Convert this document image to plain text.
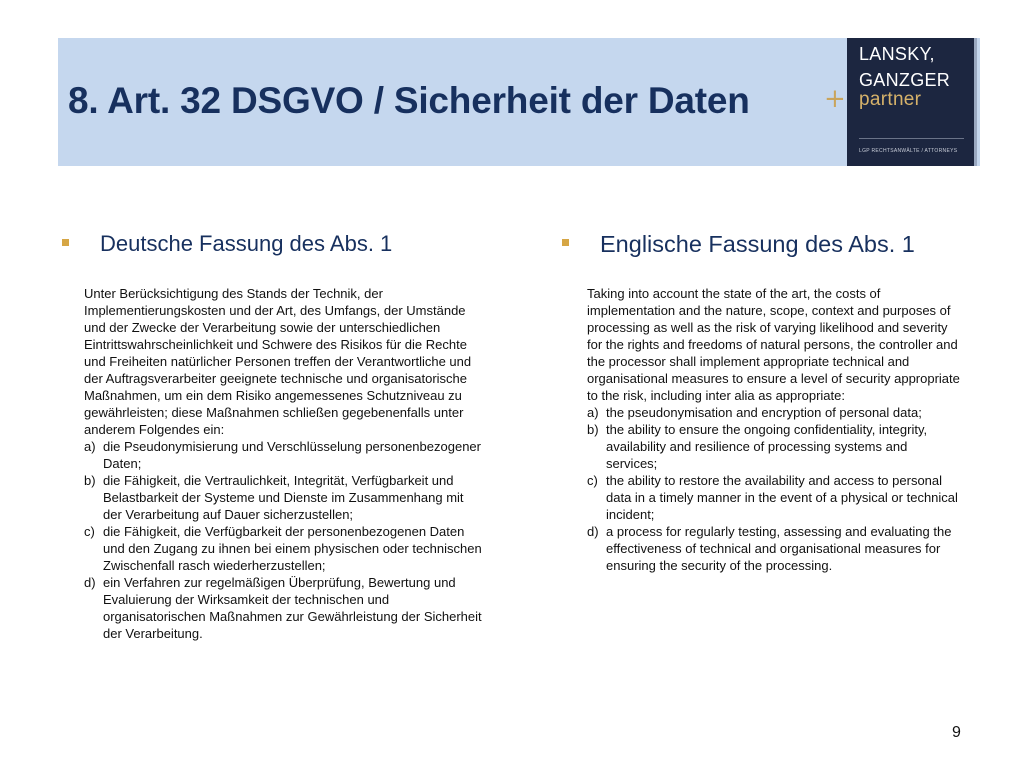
8. Art. 32 DSGVO / Sicherheit der Daten	+
LANSKY,
GANZGER
partner
LGP RECHTSANWÄLTE / ATTORNEYS
Deutsche Fassung des Abs. 1	Englische Fassung des Abs. 1

Unter Berücksichtigung des Stands der Technik, der Implementierungskosten und der Art, des Umfangs, der Umstände und der Zwecke der Verarbeitung sowie der unterschiedlichen Eintrittswahrscheinlichkeit und Schwere des Risikos für die Rechte und Freiheiten natürlicher Personen treffen der Verantwortliche und der Auftragsverarbeiter geeignete technische und organisatorische Maßnahmen, um ein dem Risiko angemessenes Schutzniveau zu gewährleisten; diese Maßnahmen schließen gegebenenfalls unter anderem Folgendes ein:

a) die Pseudonymisierung und Verschlüsselung personenbezogener Daten;
b) die Fähigkeit, die Vertraulichkeit, Integrität, Verfügbarkeit und Belastbarkeit der Systeme und Dienste im Zusammenhang mit der Verarbeitung auf Dauer sicherzustellen;
c) die Fähigkeit, die Verfügbarkeit der personenbezogenen Daten und den Zugang zu ihnen bei einem physischen oder technischen Zwischenfall rasch wiederherzustellen;
d) ein Verfahren zur regelmäßigen Überprüfung, Bewertung und Evaluierung der Wirksamkeit der technischen und organisatorischen Maßnahmen zur Gewährleistung der Sicherheit der Verarbeitung.

Taking into account the state of the art, the costs of implementation and the nature, scope, context and purposes of processing as well as the risk of varying likelihood and severity for the rights and freedoms of natural persons, the controller and the processor shall implement appropriate technical and organisational measures to ensure a level of security appropriate to the risk, including inter alia as appropriate:

a) the pseudonymisation and encryption of personal data;
b) the ability to ensure the ongoing confidentiality, integrity, availability and resilience of processing systems and services;
c) the ability to restore the availability and access to personal data in a timely manner in the event of a physical or technical incident;
d) a process for regularly testing, assessing and evaluating the effectiveness of technical and organisational measures for ensuring the security of the processing.
9
